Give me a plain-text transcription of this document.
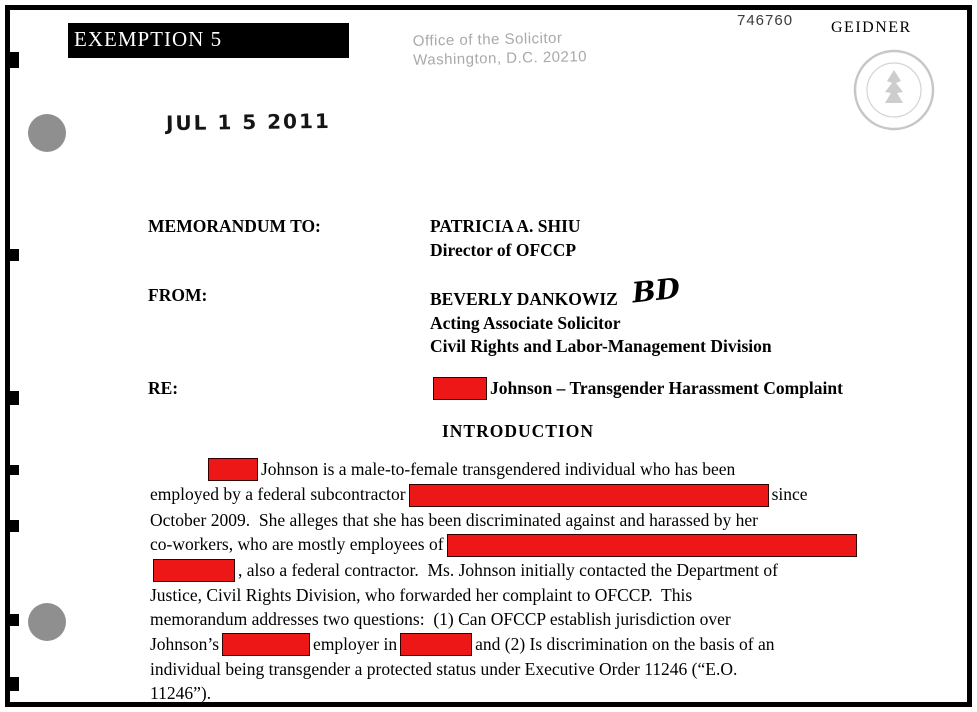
EXEMPTION 5
746760
Office of the Solicitor
Washington, D.C. 20210
GEIDNER
JUL 1 5 2011
MEMORANDUM TO:	PATRICIA A. SHIU
Director of OFCCP
FROM:	BEVERLY DANKOWIZ BD
Acting Associate Solicitor
Civil Rights and Labor-Management Division
RE:	Johnson – Transgender Harassment Complaint
INTRODUCTION
Johnson is a male-to-female transgendered individual who has been
employed by a federal subcontractor	since
October 2009.  She alleges that she has been discriminated against and harassed by her
co-workers, who are mostly employees of
, also a federal contractor.  Ms. Johnson initially contacted the Department of
Justice, Civil Rights Division, who forwarded her complaint to OFCCP.  This
memorandum addresses two questions:  (1) Can OFCCP establish jurisdiction over
Johnson’s	employer in	and (2) Is discrimination on the basis of an
individual being transgender a protected status under Executive Order 11246 (“E.O.
11246”).
